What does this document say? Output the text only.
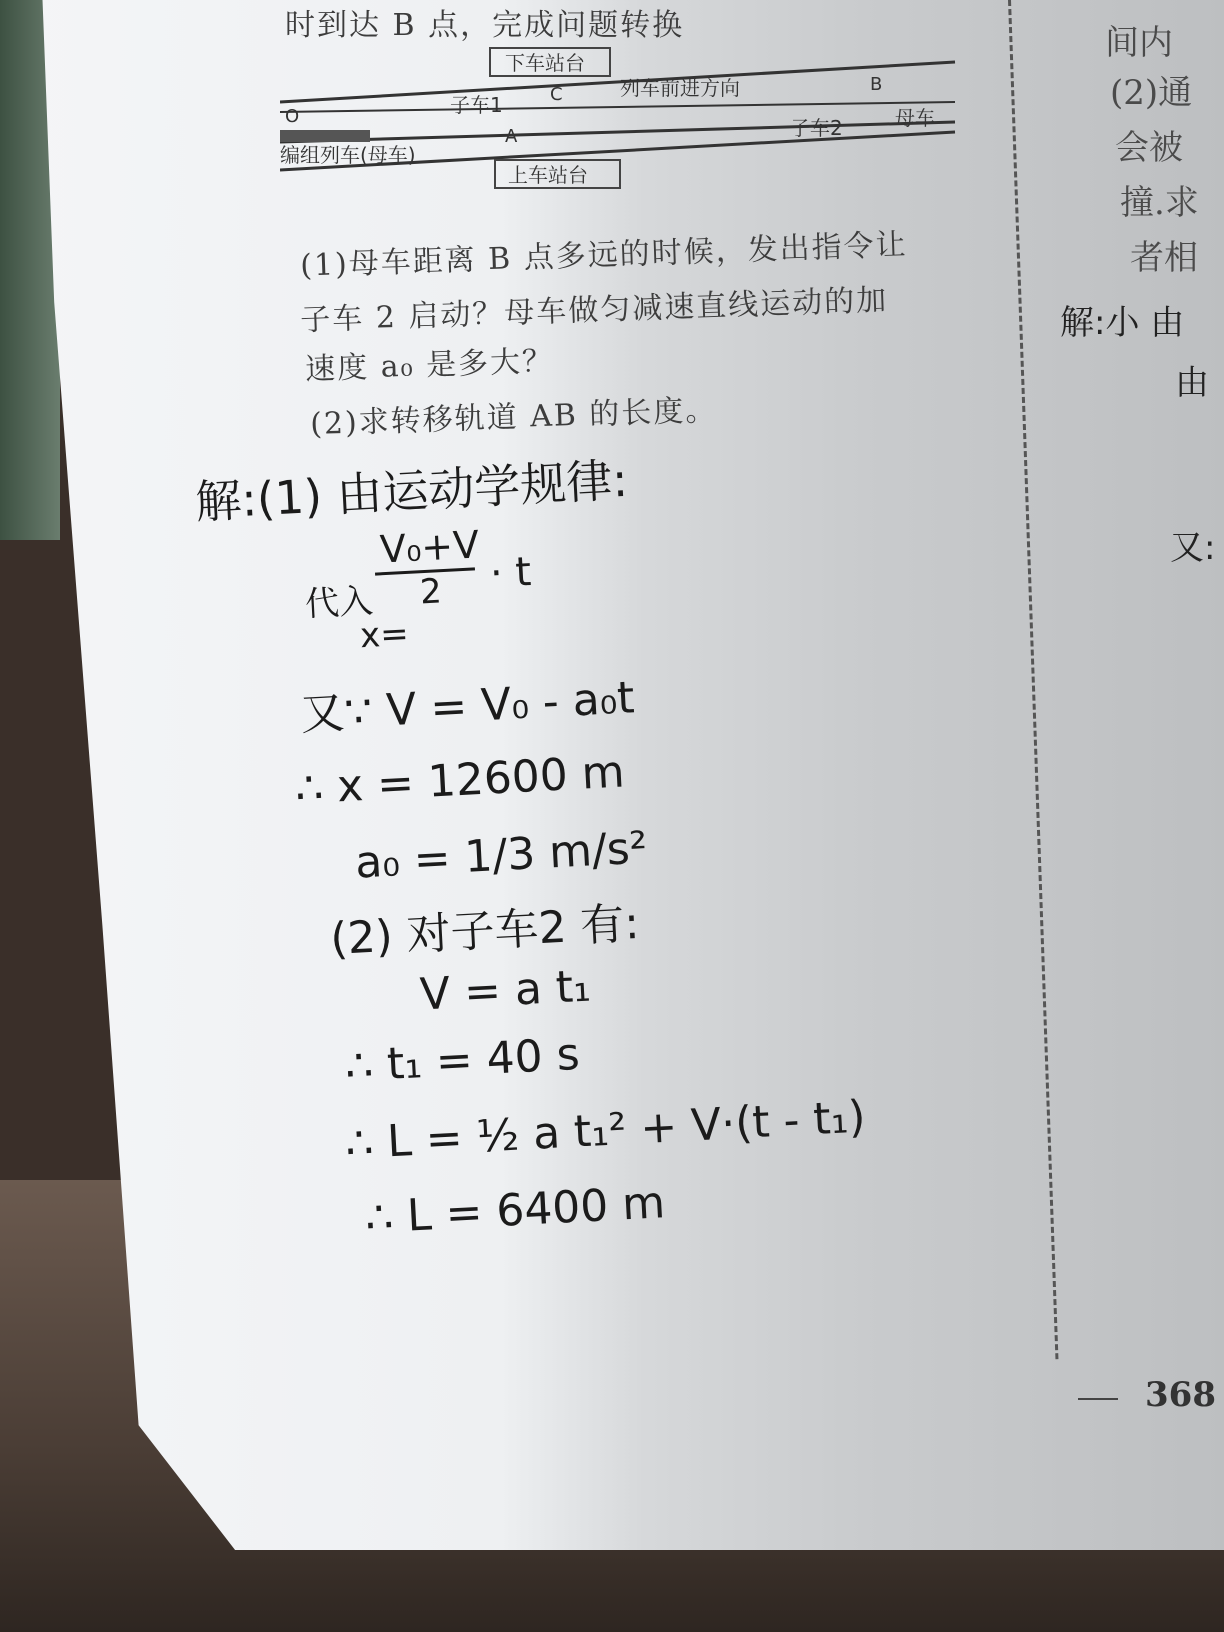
时到达 B 点，完成问题转换
下车站台
O	子车1	C	列车前进方向	B
A	子车2	母车
编组列车(母车)
上车站台
(1)母车距离 B 点多远的时候，发出指令让
子车 2 启动？母车做匀减速直线运动的加
速度 a₀ 是多大？
(2)求转移轨道 AB 的长度。
解:(1) 由运动学规律:
V₀+V
2 · t
代入
x=
又∵ V = V₀ - a₀t
∴ x = 12600 m
a₀ = 1/3 m/s²
(2) 对子车2 有:
V = a t₁
∴ t₁ = 40 s
∴ L = ½ a t₁² + V·(t - t₁)
∴ L = 6400 m
间内
(2)通
会被
撞.求
者相
解:小 由
由
又:
368
